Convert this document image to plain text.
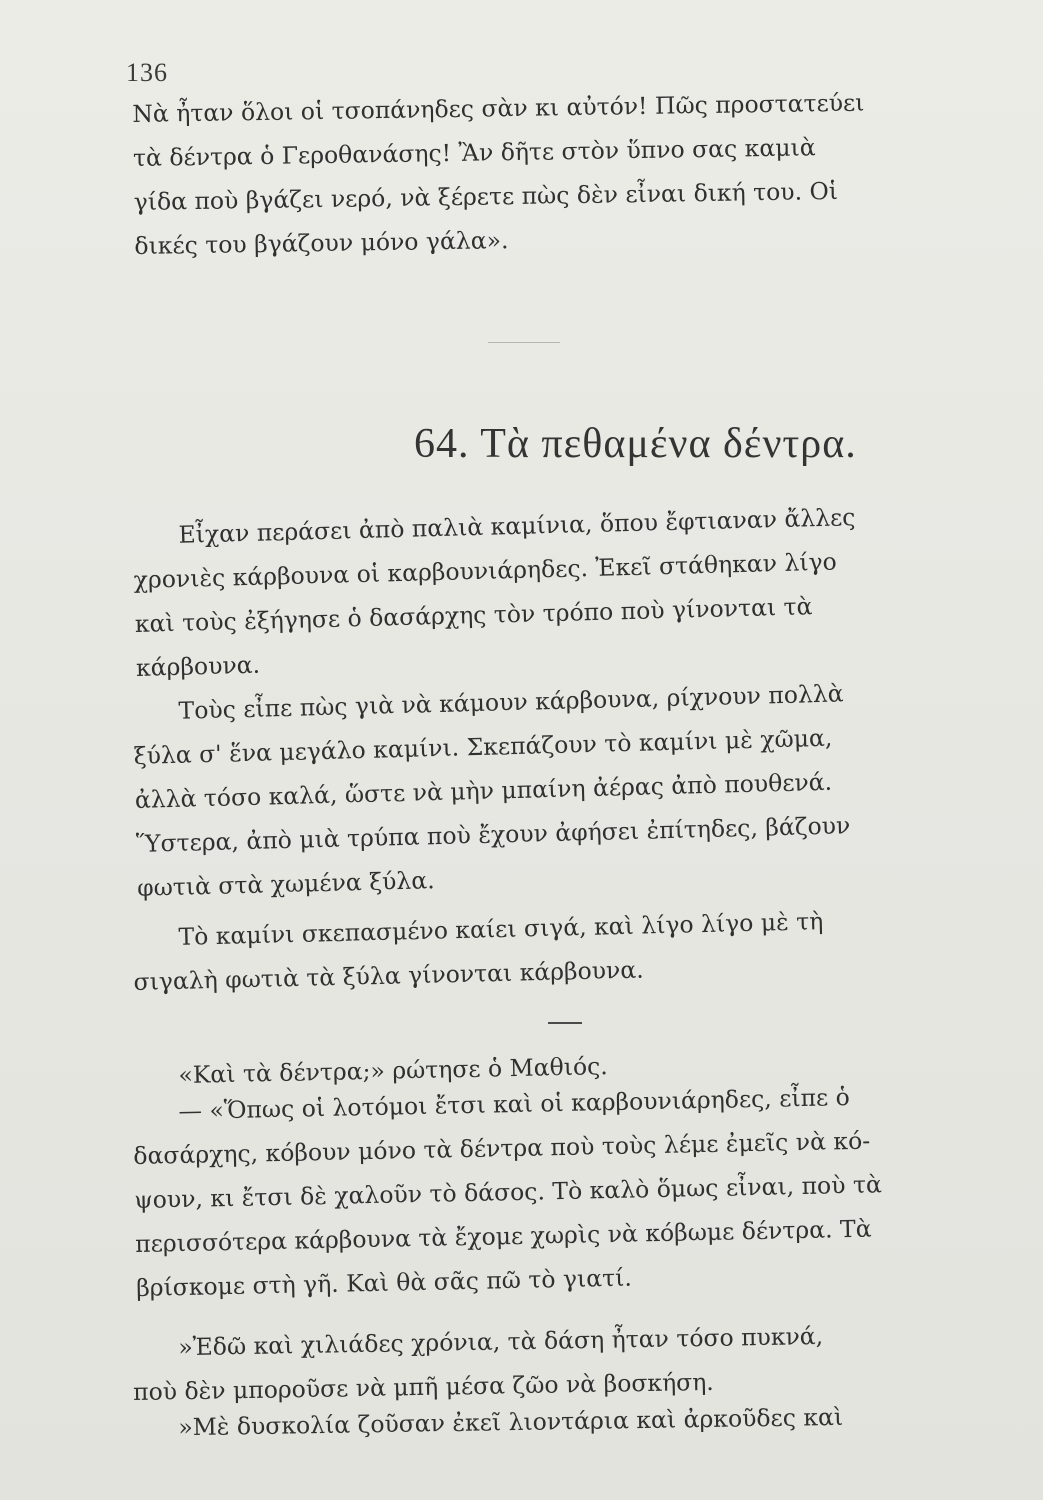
136
Νὰ ἦταν ὅλοι οἱ τσοπάνηδες σὰν κι αὐτόν! Πῶς προστατεύει
τὰ δέντρα ὁ Γεροθανάσης! Ἂν δῆτε στὸν ὕπνο σας καμιὰ
γίδα ποὺ βγάζει νερό, νὰ ξέρετε πὼς δὲν εἶναι δική του. Οἱ
δικές του βγάζουν μόνο γάλα».
64. Τὰ πεθαμένα δέντρα.
Εἶχαν περάσει ἀπὸ παλιὰ καμίνια, ὅπου ἔφτιαναν ἄλλες
χρονιὲς κάρβουνα οἱ καρβουνιάρηδες. Ἐκεῖ στάθηκαν λίγο
καὶ τοὺς ἐξήγησε ὁ δασάρχης τὸν τρόπο ποὺ γίνονται τὰ
κάρβουνα.
Τοὺς εἶπε πὼς γιὰ νὰ κάμουν κάρβουνα, ρίχνουν πολλὰ
ξύλα σ' ἕνα μεγάλο καμίνι. Σκεπάζουν τὸ καμίνι μὲ χῶμα,
ἀλλὰ τόσο καλά, ὥστε νὰ μὴν μπαίνη ἀέρας ἀπὸ πουθενά.
Ὕστερα, ἀπὸ μιὰ τρύπα ποὺ ἔχουν ἀφήσει ἐπίτηδες, βάζουν
φωτιὰ στὰ χωμένα ξύλα.
Τὸ καμίνι σκεπασμένο καίει σιγά, καὶ λίγο λίγο μὲ τὴ
σιγαλὴ φωτιὰ τὰ ξύλα γίνονται κάρβουνα.
«Καὶ τὰ δέντρα;» ρώτησε ὁ Μαθιός.
— «Ὅπως οἱ λοτόμοι ἔτσι καὶ οἱ καρβουνιάρηδες, εἶπε ὁ
δασάρχης, κόβουν μόνο τὰ δέντρα ποὺ τοὺς λέμε ἐμεῖς νὰ κό-
ψουν, κι ἔτσι δὲ χαλοῦν τὸ δάσος. Τὸ καλὸ ὅμως εἶναι, ποὺ τὰ
περισσότερα κάρβουνα τὰ ἔχομε χωρὶς νὰ κόβωμε δέντρα. Τὰ
βρίσκομε στὴ γῆ. Καὶ θὰ σᾶς πῶ τὸ γιατί.
»Ἐδῶ καὶ χιλιάδες χρόνια, τὰ δάση ἦταν τόσο πυκνά,
ποὺ δὲν μποροῦσε νὰ μπῆ μέσα ζῶο νὰ βοσκήση.
»Μὲ δυσκολία ζοῦσαν ἐκεῖ λιοντάρια καὶ ἀρκοῦδες καὶ
